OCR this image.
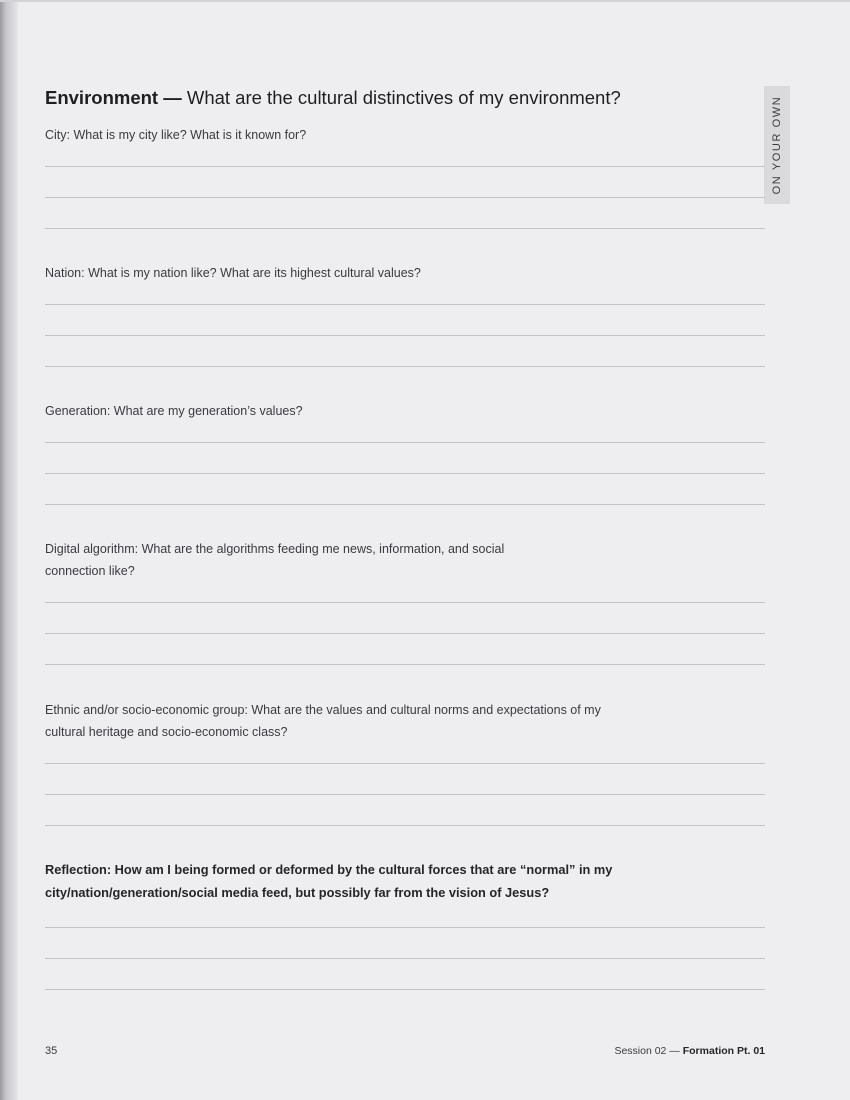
Environment — What are the cultural distinctives of my environment?	ON YOUR OWN

City: What is my city like? What is it known for?

Nation: What is my nation like? What are its highest cultural values?

Generation: What are my generation’s values?

Digital algorithm: What are the algorithms feeding me news, information, and social connection like?

Ethnic and/or socio-economic group: What are the values and cultural norms and expectations of my cultural heritage and socio-economic class?

Reflection: How am I being formed or deformed by the cultural forces that are “normal” in my city/nation/generation/social media feed, but possibly far from the vision of Jesus?

35	Session 02 — Formation Pt. 01
